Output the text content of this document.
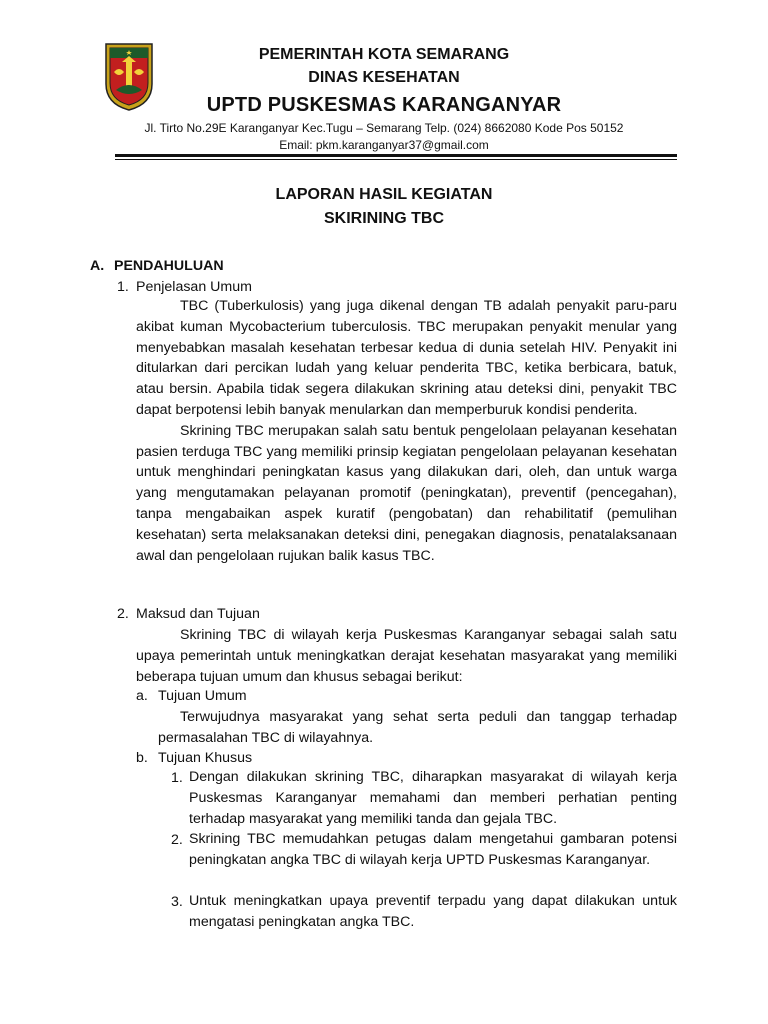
PEMERINTAH KOTA SEMARANG
DINAS KESEHATAN
UPTD PUSKESMAS KARANGANYAR
Jl. Tirto No.29E Karanganyar Kec.Tugu – Semarang Telp. (024) 8662080 Kode Pos 50152
Email: pkm.karanganyar37@gmail.com
LAPORAN HASIL KEGIATAN
SKIRINING TBC
A. PENDAHULUAN
1. Penjelasan Umum

TBC (Tuberkulosis) yang juga dikenal dengan TB adalah penyakit paru-paru akibat kuman Mycobacterium tuberculosis. TBC merupakan penyakit menular yang menyebabkan masalah kesehatan terbesar kedua di dunia setelah HIV. Penyakit ini ditularkan dari percikan ludah yang keluar penderita TBC, ketika berbicara, batuk, atau bersin. Apabila tidak segera dilakukan skrining atau deteksi dini, penyakit TBC dapat berpotensi lebih banyak menularkan dan memperburuk kondisi penderita.

Skrining TBC merupakan salah satu bentuk pengelolaan pelayanan kesehatan pasien terduga TBC yang memiliki prinsip kegiatan pengelolaan pelayanan kesehatan untuk menghindari peningkatan kasus yang dilakukan dari, oleh, dan untuk warga yang mengutamakan pelayanan promotif (peningkatan), preventif (pencegahan), tanpa mengabaikan aspek kuratif (pengobatan) dan rehabilitatif (pemulihan kesehatan) serta melaksanakan deteksi dini, penegakan diagnosis, penatalaksanaan awal dan pengelolaan rujukan balik kasus TBC.

2. Maksud dan Tujuan

Skrining TBC di wilayah kerja Puskesmas Karanganyar sebagai salah satu upaya pemerintah untuk meningkatkan derajat kesehatan masyarakat yang memiliki beberapa tujuan umum dan khusus sebagai berikut:

a. Tujuan Umum

Terwujudnya masyarakat yang sehat serta peduli dan tanggap terhadap permasalahan TBC di wilayahnya.

b. Tujuan Khusus
1. Dengan dilakukan skrining TBC, diharapkan masyarakat di wilayah kerja Puskesmas Karanganyar memahami dan memberi perhatian penting terhadap masyarakat yang memiliki tanda dan gejala TBC.

2. Skrining TBC memudahkan petugas dalam mengetahui gambaran potensi peningkatan angka TBC di wilayah kerja UPTD Puskesmas Karanganyar.

3. Untuk meningkatkan upaya preventif terpadu yang dapat dilakukan untuk mengatasi peningkatan angka TBC.
